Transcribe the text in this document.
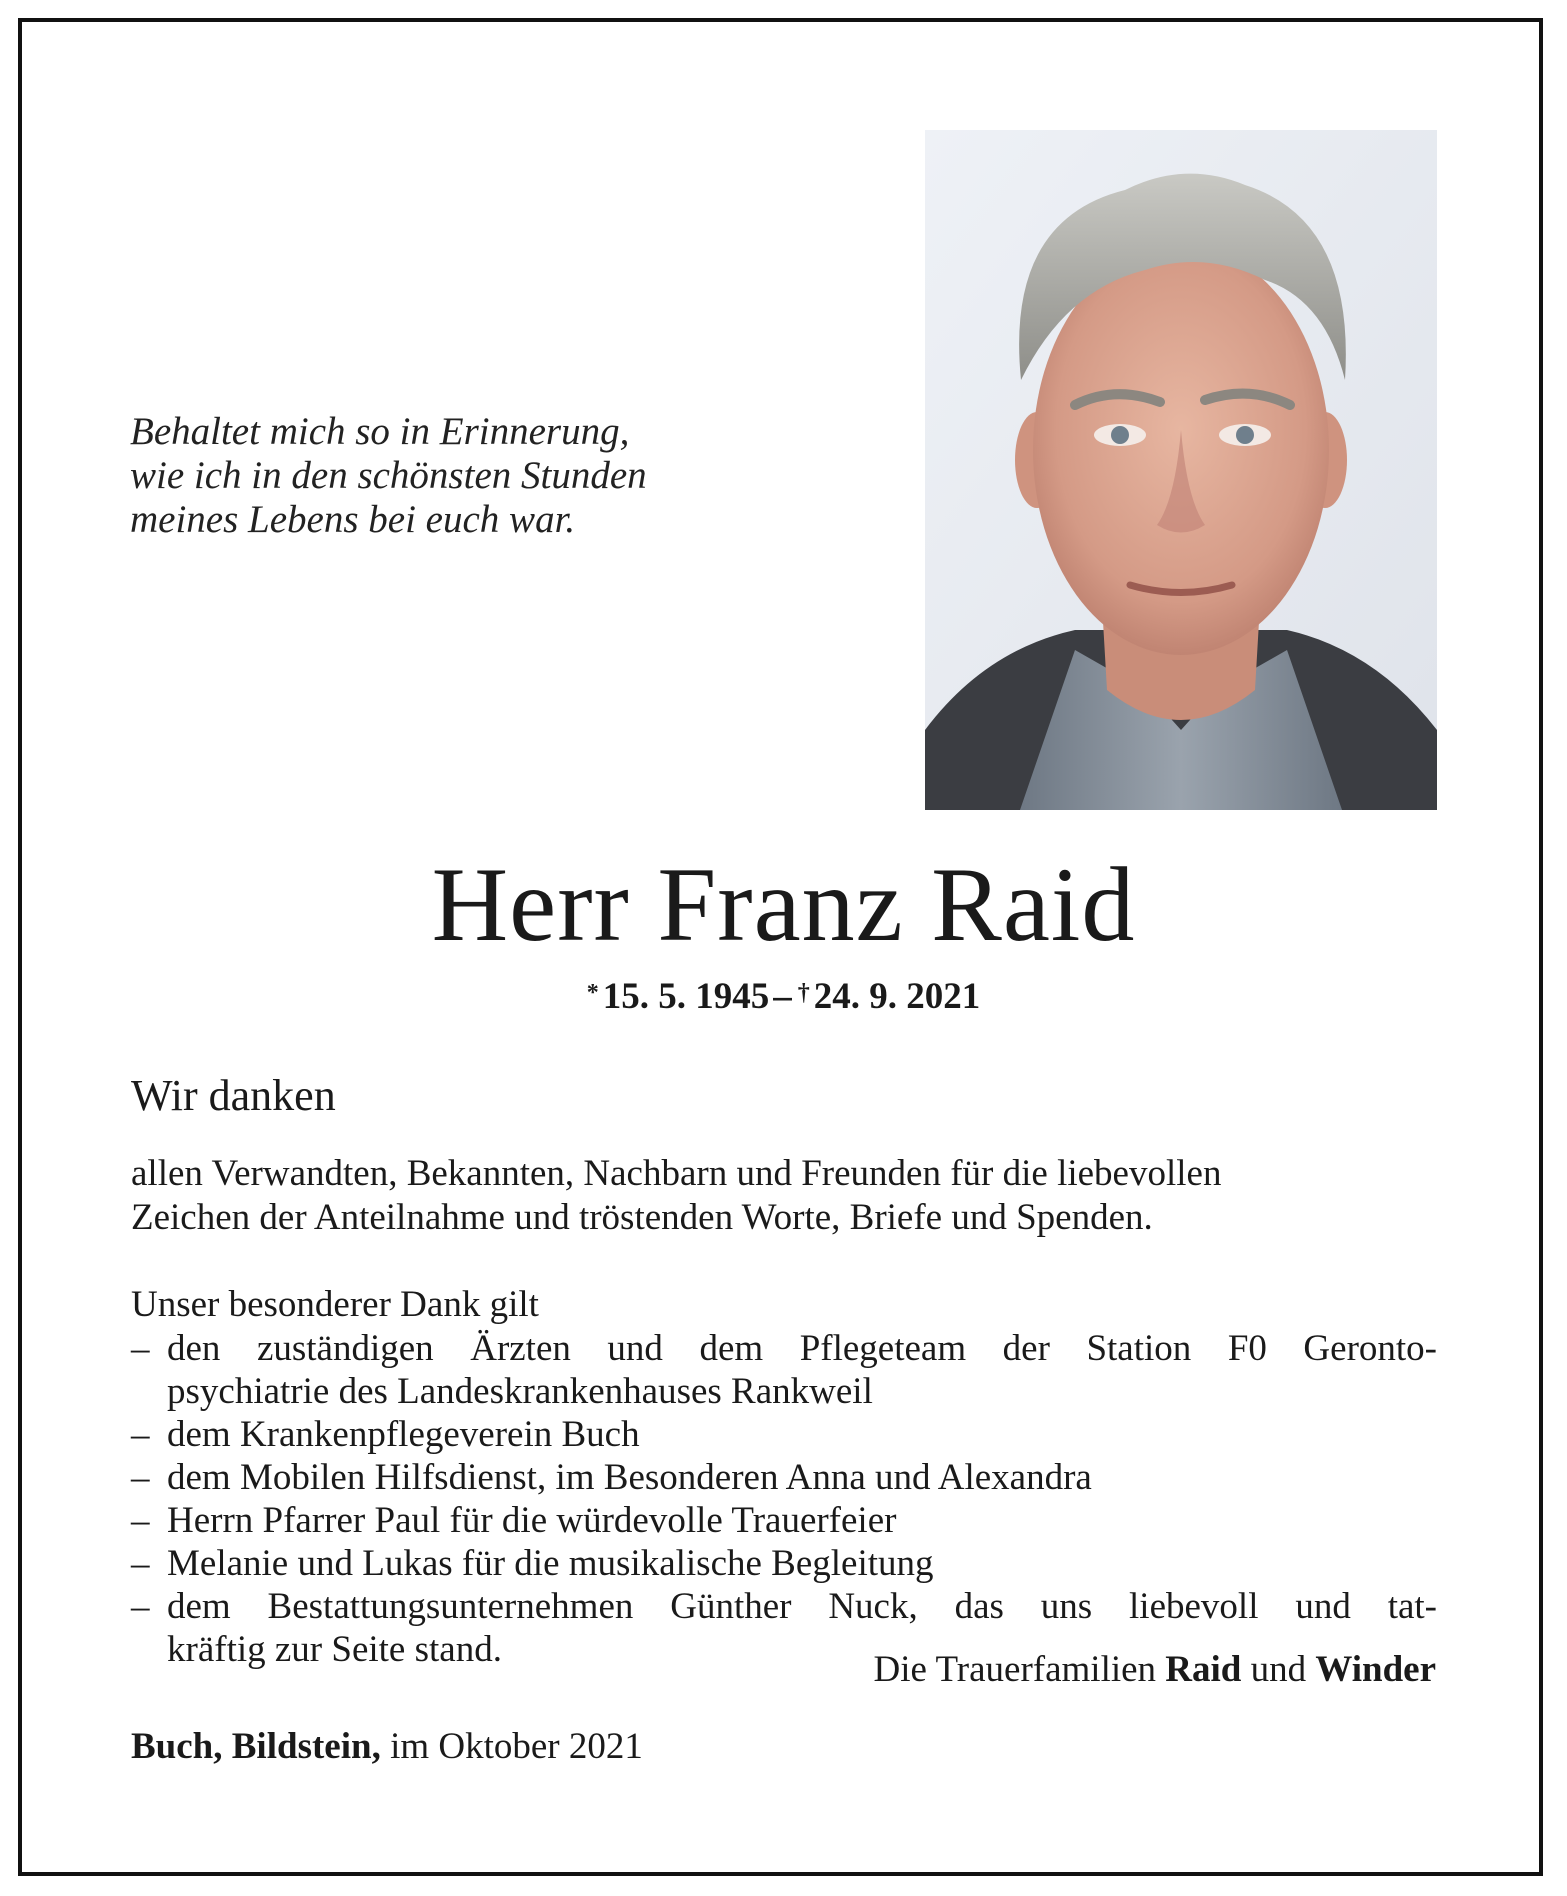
Behaltet mich so in Erinnerung,
wie ich in den schönsten Stunden
meines Lebens bei euch war.
Herr Franz Raid
* 15. 5. 1945 – † 24. 9. 2021
Wir danken
allen Verwandten, Bekannten, Nachbarn und Freunden für die liebevollen
Zeichen der Anteilnahme und tröstenden Worte, Briefe und Spenden.
Unser besonderer Dank gilt
– den zuständigen Ärzten und dem Pflegeteam der Station F0 Geronto-
psychiatrie des Landeskrankenhauses Rankweil
– dem Krankenpflegeverein Buch
– dem Mobilen Hilfsdienst, im Besonderen Anna und Alexandra
– Herrn Pfarrer Paul für die würdevolle Trauerfeier
– Melanie und Lukas für die musikalische Begleitung
– dem Bestattungsunternehmen Günther Nuck, das uns liebevoll und tat-
kräftig zur Seite stand.	Die Trauerfamilien Raid und Winder
Buch, Bildstein, im Oktober 2021
